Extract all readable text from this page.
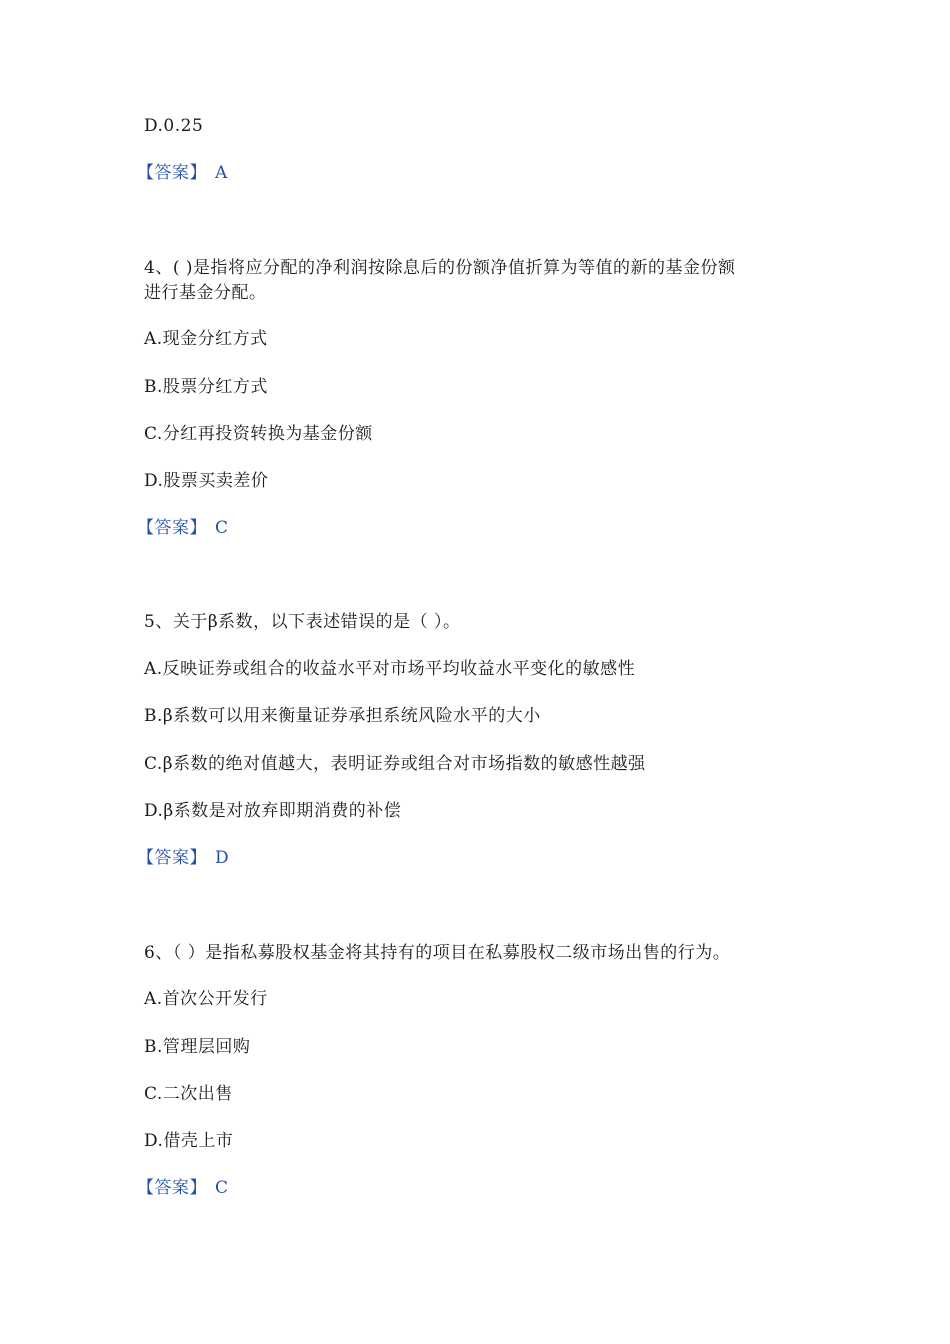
D.0.25
【答案】 A
4、( )是指将应分配的净利润按除息后的份额净值折算为等值的新的基金份额
进行基金分配。
A.现金分红方式
B.股票分红方式
C.分红再投资转换为基金份额
D.股票买卖差价
【答案】 C
5、关于β系数，以下表述错误的是（ ）。
A.反映证券或组合的收益水平对市场平均收益水平变化的敏感性
B.β系数可以用来衡量证券承担系统风险水平的大小
C.β系数的绝对值越大，表明证券或组合对市场指数的敏感性越强
D.β系数是对放弃即期消费的补偿
【答案】 D
6、（ ）是指私募股权基金将其持有的项目在私募股权二级市场出售的行为。
A.首次公开发行
B.管理层回购
C.二次出售
D.借壳上市
【答案】 C
